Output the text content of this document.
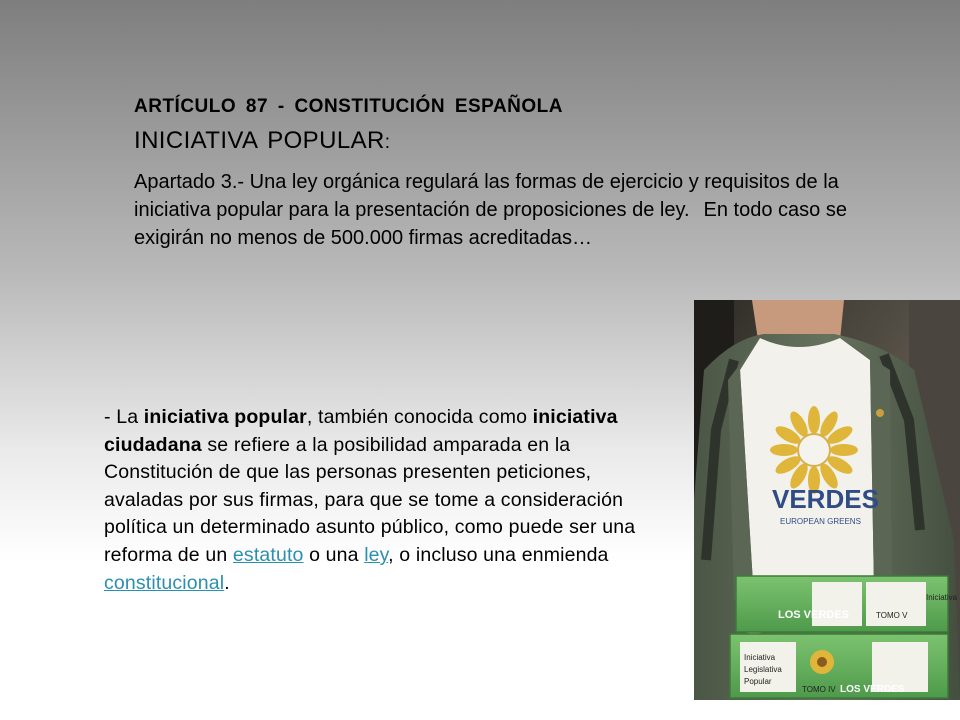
ARTÍCULO 87 - CONSTITUCIÓN ESPAÑOLA

INICIATIVA POPULAR:

Apartado 3.- Una ley orgánica regulará las formas de ejercicio y requisitos de la iniciativa popular para la presentación de proposiciones de ley. En todo caso se exigirán no menos de 500.000 firmas acreditadas…

- La iniciativa popular, también conocida como iniciativa ciudadana se refiere a la posibilidad amparada en la Constitución de que las personas presenten peticiones, avaladas por sus firmas, para que se tome a consideración política un determinado asunto público, como puede ser una reforma de un estatuto o una ley, o incluso una enmienda constitucional.

VERDES
EUROPEAN GREENS
LOS VERDES
Iniciativa
TOMO V
Iniciativa
Legislativa
Popular
TOMO IV LOS VERDES
